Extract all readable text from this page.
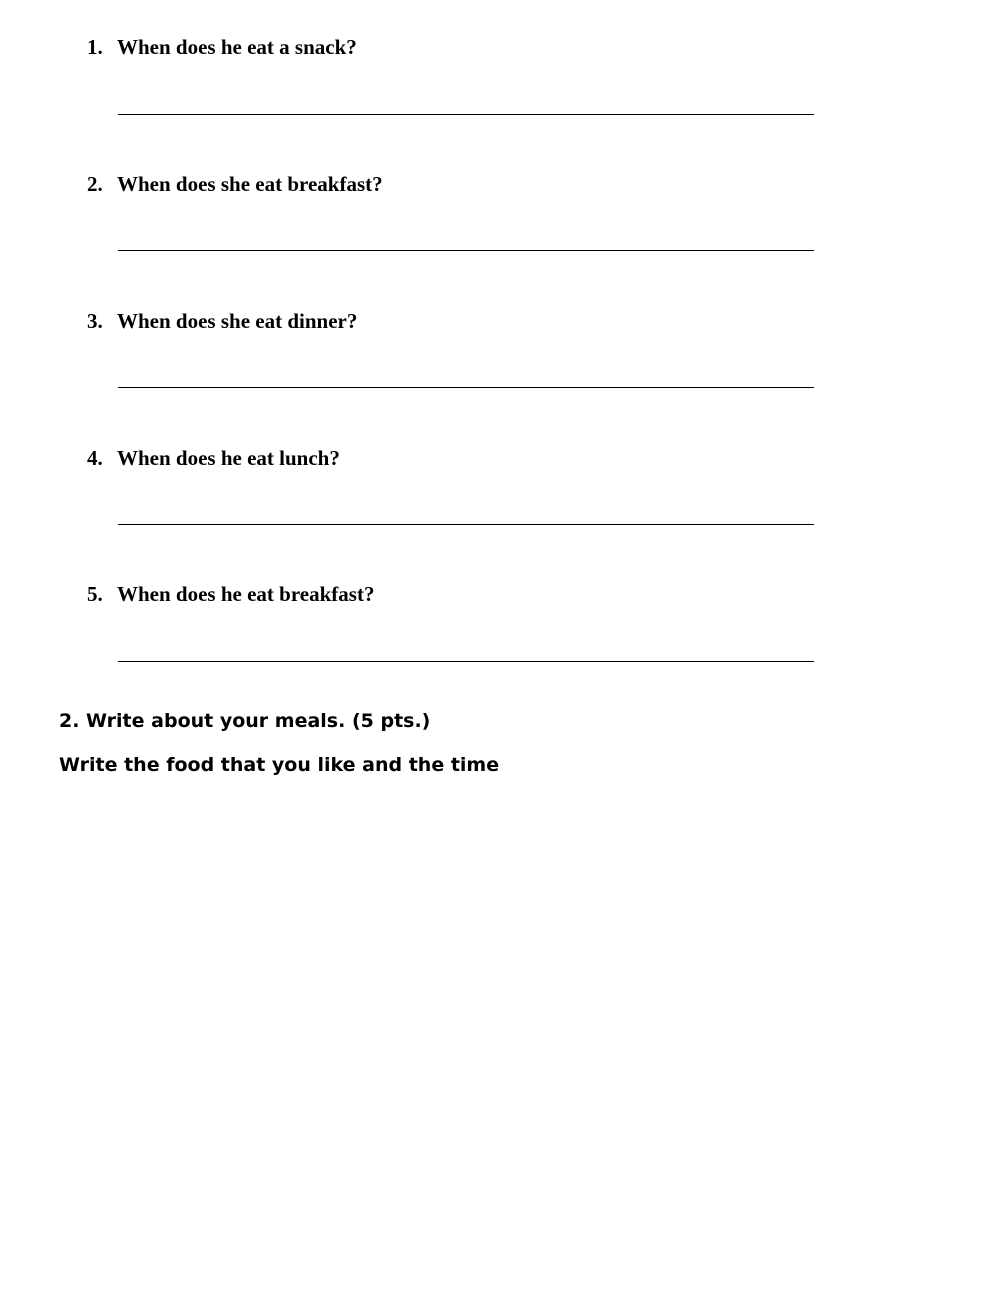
1. When does he eat a snack?
2. When does she eat breakfast?
3. When does she eat dinner?
4. When does he eat lunch?
5. When does he eat breakfast?
2. Write about your meals. (5 pts.)
Write the food that you like and the time
